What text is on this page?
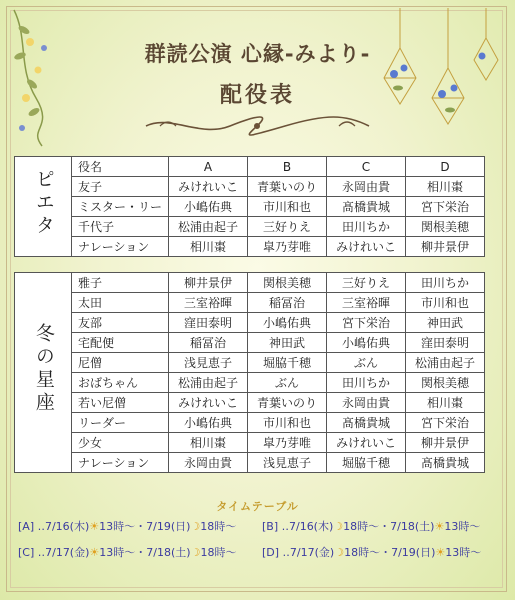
群読公演 心縁-みより-
配役表
ピエタ	役名	A	B	C	D
	友子	みけれいこ	青葉いのり	永岡由貴	相川棗
	ミスター・リー	小嶋佑典	市川和也	髙橋貴城	宮下栄治
	千代子	松浦由起子	三好りえ	田川ちか	関根美穂
	ナレーション	相川棗	皐乃芽唯	みけれいこ	柳井景伊
冬の星座	雅子	柳井景伊	関根美穂	三好りえ	田川ちか
	太田	三室裕暉	稲冨治	三室裕暉	市川和也
	友部	窪田泰明	小嶋佑典	宮下栄治	神田武
	宅配便	稲冨治	神田武	小嶋佑典	窪田泰明
	尼僧	浅見恵子	堀脇千穂	ぶん	松浦由起子
	おばちゃん	松浦由起子	ぶん	田川ちか	関根美穂
	若い尼僧	みけれいこ	青葉いのり	永岡由貴	相川棗
	リーダー	小嶋佑典	市川和也	髙橋貴城	宮下栄治
	少女	相川棗	皐乃芽唯	みけれいこ	柳井景伊
	ナレーション	永岡由貴	浅見恵子	堀脇千穂	髙橋貴城
タイムテーブル
[A] ‥7/16(木)☀13時～・7/19(日)☽18時～ [B] ‥7/16(木)☽18時～・7/18(土)☀13時～
[C] ‥7/17(金)☀13時～・7/18(土)☽18時～ [D] ‥7/17(金)☽18時～・7/19(日)☀13時～
